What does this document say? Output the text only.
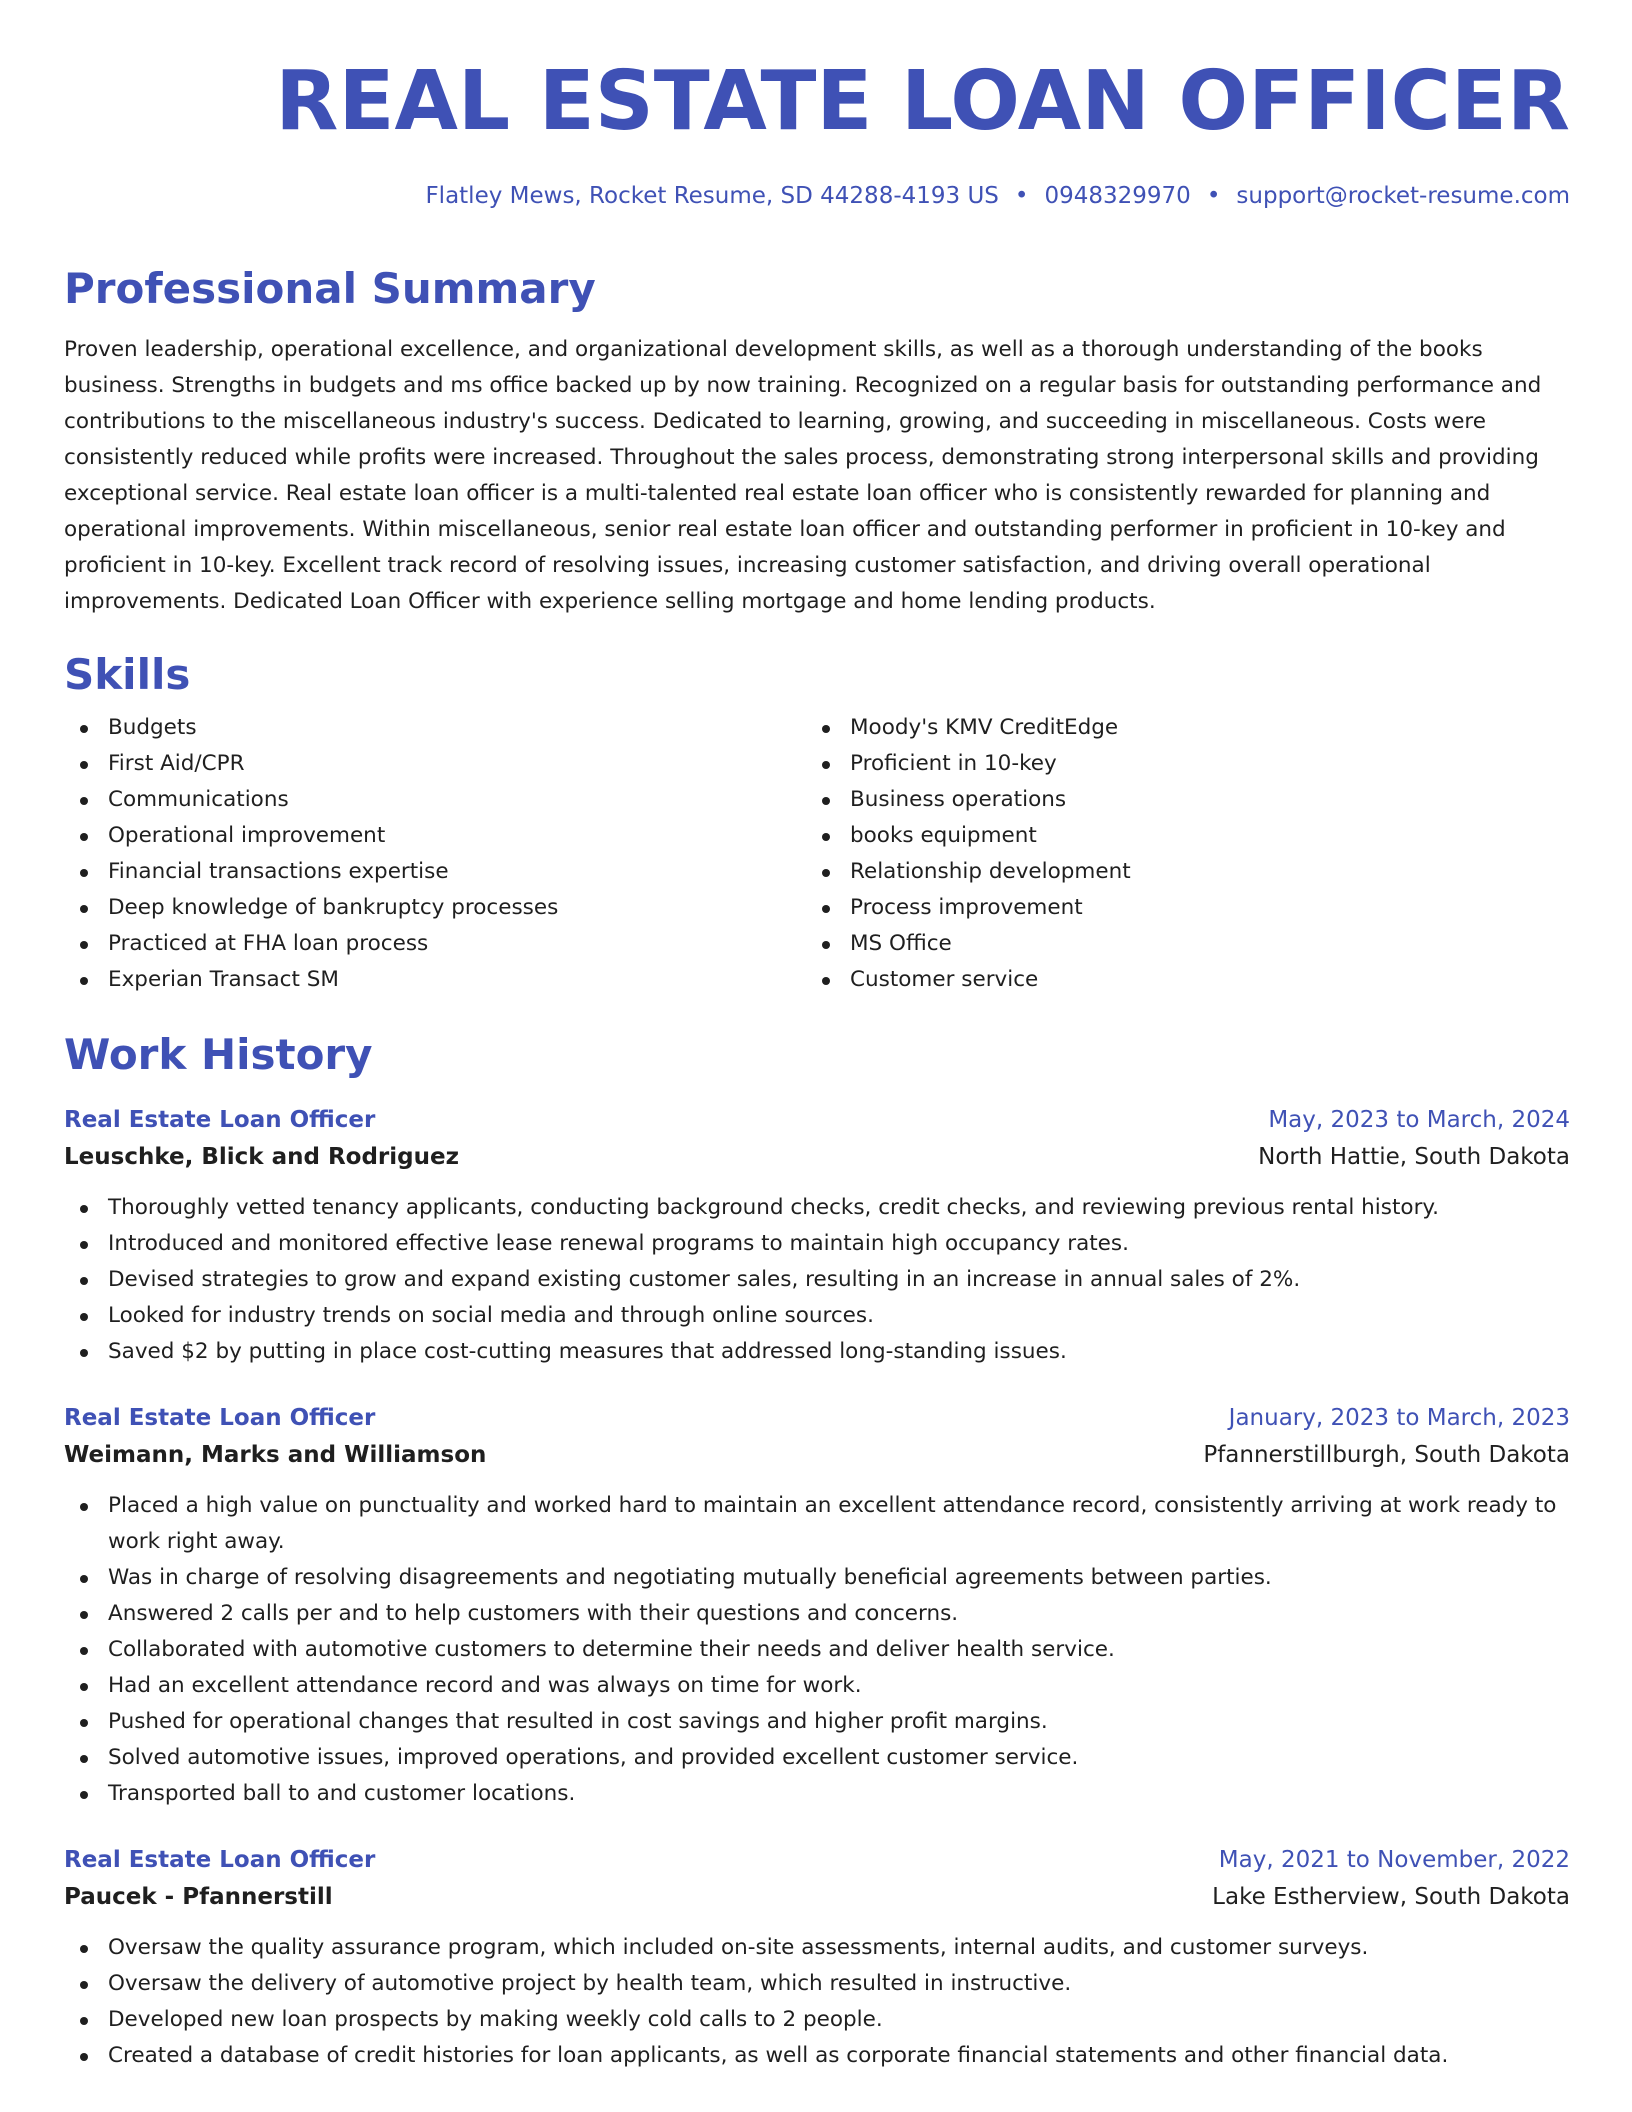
REAL ESTATE LOAN OFFICER
Flatley Mews, Rocket Resume, SD 44288-4193 US • 0948329970 • support@rocket-resume.com
Professional Summary

Proven leadership, operational excellence, and organizational development skills, as well as a thorough understanding of the books business. Strengths in budgets and ms office backed up by now training. Recognized on a regular basis for outstanding performance and contributions to the miscellaneous industry's success. Dedicated to learning, growing, and succeeding in miscellaneous. Costs were consistently reduced while profits were increased. Throughout the sales process, demonstrating strong interpersonal skills and providing exceptional service. Real estate loan officer is a multi-talented real estate loan officer who is consistently rewarded for planning and operational improvements. Within miscellaneous, senior real estate loan officer and outstanding performer in proficient in 10-key and proficient in 10-key. Excellent track record of resolving issues, increasing customer satisfaction, and driving overall operational improvements. Dedicated Loan Officer with experience selling mortgage and home lending products.

Skills
Budgets
First Aid/CPR
Communications
Operational improvement
Financial transactions expertise
Deep knowledge of bankruptcy processes
Practiced at FHA loan process
Experian Transact SM
Moody's KMV CreditEdge
Proficient in 10-key
Business operations
books equipment
Relationship development
Process improvement
MS Office
Customer service
Work History
Real Estate Loan Officer	May, 2023 to March, 2024
Leuschke, Blick and Rodriguez	North Hattie, South Dakota
Thoroughly vetted tenancy applicants, conducting background checks, credit checks, and reviewing previous rental history.
Introduced and monitored effective lease renewal programs to maintain high occupancy rates.
Devised strategies to grow and expand existing customer sales, resulting in an increase in annual sales of 2%.
Looked for industry trends on social media and through online sources.
Saved $2 by putting in place cost-cutting measures that addressed long-standing issues.
Real Estate Loan Officer	January, 2023 to March, 2023
Weimann, Marks and Williamson	Pfannerstillburgh, South Dakota
Placed a high value on punctuality and worked hard to maintain an excellent attendance record, consistently arriving at work ready to work right away.
Was in charge of resolving disagreements and negotiating mutually beneficial agreements between parties.
Answered 2 calls per and to help customers with their questions and concerns.
Collaborated with automotive customers to determine their needs and deliver health service.
Had an excellent attendance record and was always on time for work.
Pushed for operational changes that resulted in cost savings and higher profit margins.
Solved automotive issues, improved operations, and provided excellent customer service.
Transported ball to and customer locations.
Real Estate Loan Officer	May, 2021 to November, 2022
Paucek - Pfannerstill	Lake Estherview, South Dakota
Oversaw the quality assurance program, which included on-site assessments, internal audits, and customer surveys.
Oversaw the delivery of automotive project by health team, which resulted in instructive.
Developed new loan prospects by making weekly cold calls to 2 people.
Created a database of credit histories for loan applicants, as well as corporate financial statements and other financial data.
